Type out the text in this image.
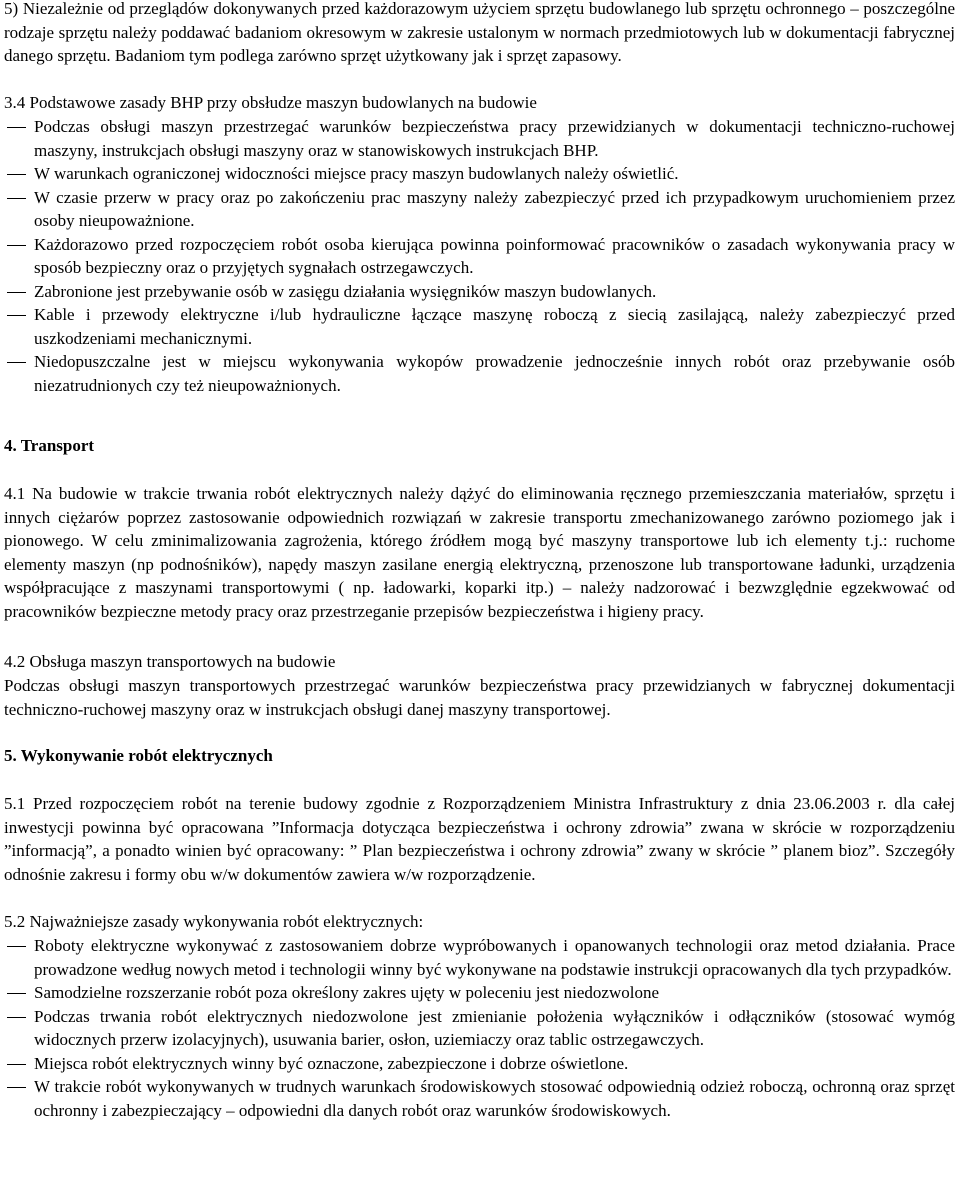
5) Niezależnie od przeglądów dokonywanych przed każdorazowym użyciem sprzętu budowlanego lub sprzętu ochronnego – poszczególne rodzaje sprzętu należy poddawać badaniom okresowym w zakresie ustalonym w normach przedmiotowych lub w dokumentacji fabrycznej danego sprzętu. Badaniom tym podlega zarówno sprzęt użytkowany jak i sprzęt zapasowy.

3.4 Podstawowe zasady BHP przy obsłudze maszyn budowlanych na budowie

Podczas obsługi maszyn przestrzegać warunków bezpieczeństwa pracy przewidzianych w dokumentacji techniczno-ruchowej maszyny, instrukcjach obsługi maszyny oraz w stanowiskowych instrukcjach BHP.
W warunkach ograniczonej widoczności miejsce pracy maszyn budowlanych należy oświetlić.
W czasie przerw w pracy oraz po zakończeniu prac maszyny należy zabezpieczyć przed ich przypadkowym uruchomieniem przez osoby nieupoważnione.
Każdorazowo przed rozpoczęciem robót osoba kierująca powinna poinformować pracowników o zasadach wykonywania pracy w sposób bezpieczny oraz o przyjętych sygnałach ostrzegawczych.
Zabronione jest przebywanie osób w zasięgu działania wysięgników maszyn budowlanych.
Kable i przewody elektryczne i/lub hydrauliczne łączące maszynę roboczą z siecią zasilającą, należy zabezpieczyć przed uszkodzeniami mechanicznymi.
Niedopuszczalne jest w miejscu wykonywania wykopów prowadzenie jednocześnie innych robót oraz przebywanie osób niezatrudnionych czy też nieupoważnionych.

4. Transport

4.1 Na budowie w trakcie trwania robót elektrycznych należy dążyć do eliminowania ręcznego przemieszczania materiałów, sprzętu i innych ciężarów poprzez zastosowanie odpowiednich rozwiązań w zakresie transportu zmechanizowanego zarówno poziomego jak i pionowego. W celu zminimalizowania zagrożenia, którego źródłem mogą być maszyny transportowe lub ich elementy t.j.: ruchome elementy maszyn (np podnośników), napędy maszyn zasilane energią elektryczną, przenoszone lub transportowane ładunki, urządzenia współpracujące z maszynami transportowymi ( np. ładowarki, koparki itp.) – należy nadzorować i bezwzględnie egzekwować od pracowników bezpieczne metody pracy oraz przestrzeganie przepisów bezpieczeństwa i higieny pracy.

4.2 Obsługa maszyn transportowych na budowie

Podczas obsługi maszyn transportowych przestrzegać warunków bezpieczeństwa pracy przewidzianych w fabrycznej dokumentacji techniczno-ruchowej maszyny oraz w instrukcjach obsługi danej maszyny transportowej.

5. Wykonywanie robót elektrycznych

5.1 Przed rozpoczęciem robót na terenie budowy zgodnie z Rozporządzeniem Ministra Infrastruktury z dnia 23.06.2003 r. dla całej inwestycji powinna być opracowana ”Informacja dotycząca bezpieczeństwa i ochrony zdrowia” zwana w skrócie w rozporządzeniu ”informacją”, a ponadto winien być opracowany: ” Plan bezpieczeństwa i ochrony zdrowia” zwany w skrócie ” planem bioz”. Szczegóły odnośnie zakresu i formy obu w/w dokumentów zawiera w/w rozporządzenie.

5.2 Najważniejsze zasady wykonywania robót elektrycznych:

Roboty elektryczne wykonywać z zastosowaniem dobrze wypróbowanych i opanowanych technologii oraz metod działania. Prace prowadzone według nowych metod i technologii winny być wykonywane na podstawie instrukcji opracowanych dla tych przypadków.
Samodzielne rozszerzanie robót poza określony zakres ujęty w poleceniu jest niedozwolone
Podczas trwania robót elektrycznych niedozwolone jest zmienianie położenia wyłączników i odłączników (stosować wymóg widocznych przerw izolacyjnych), usuwania barier, osłon, uziemiaczy oraz tablic ostrzegawczych.
Miejsca robót elektrycznych winny być oznaczone, zabezpieczone i dobrze oświetlone.
W trakcie robót wykonywanych w trudnych warunkach środowiskowych stosować odpowiednią odzież roboczą, ochronną oraz sprzęt ochronny i zabezpieczający – odpowiedni dla danych robót oraz warunków środowiskowych.
